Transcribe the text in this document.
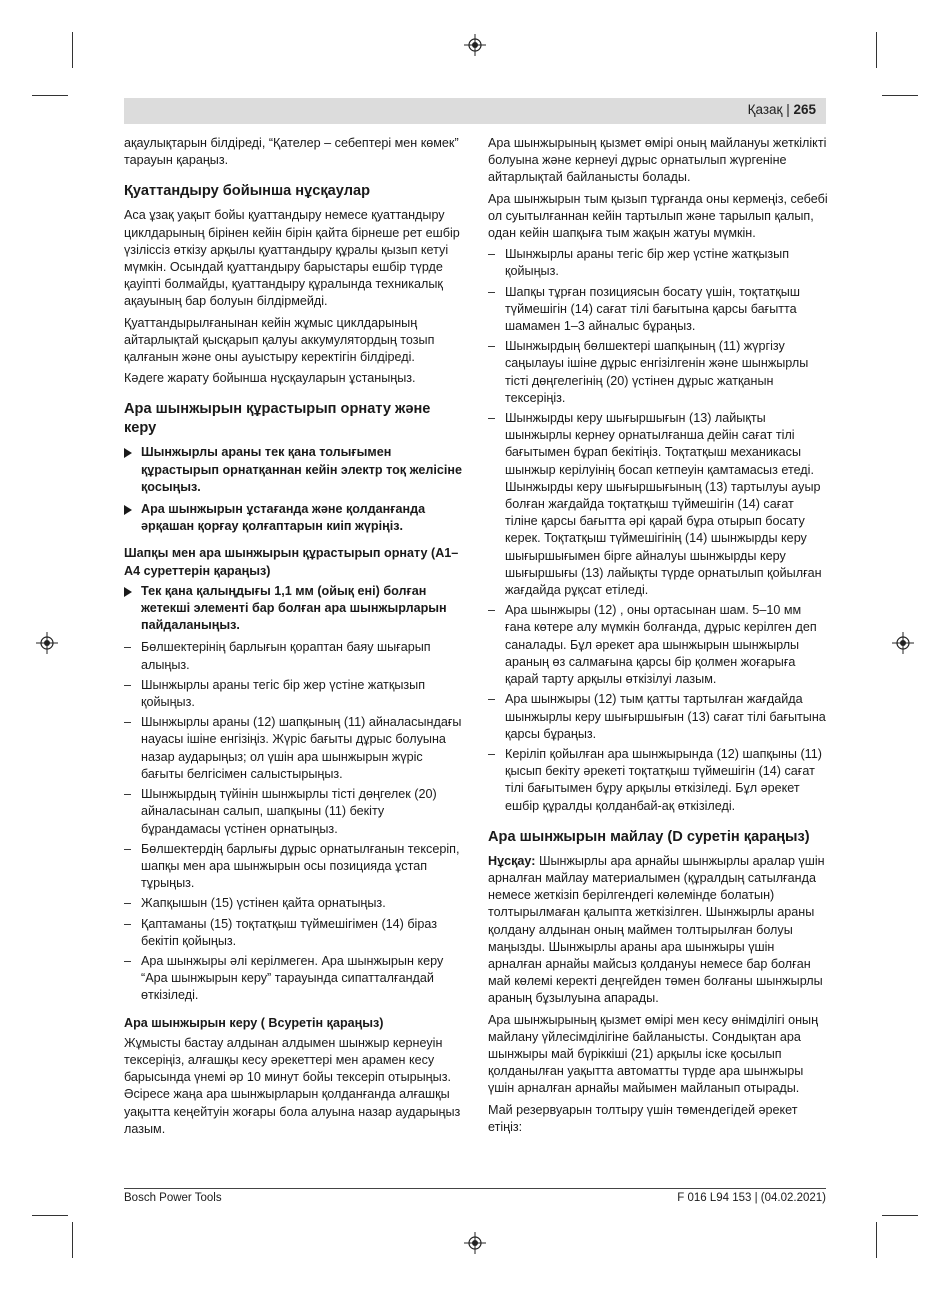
Қазақ | 265

ақаулықтарын білдіреді, “Қателер – себептері мен көмек” тарауын қараңыз.

Қуаттандыру бойынша нұсқаулар

Аса ұзақ уақыт бойы қуаттандыру немесе қуаттандыру циклдарының бірінен кейін бірін қайта бірнеше рет ешбір үзіліссіз өткізу арқылы қуаттандыру құралы қызып кетуі мүмкін. Осындай қуаттандыру барыстары ешбір түрде қауіпті болмайды, қуаттандыру құралында техникалық ақауының бар болуын білдірмейді.

Қуаттандырылғанынан кейін жұмыс циклдарының айтарлықтай қысқарып қалуы аккумулятордың тозып қалғанын және оны ауыстыру керектігін білдіреді.

Кәдеге жарату бойынша нұсқауларын ұстаныңыз.

Ара шынжырын құрастырып орнату және керу
Шынжырлы араны тек қана толығымен құрастырып орнатқаннан кейін электр тоқ желісіне қосыңыз.
Ара шынжырын ұстағанда және қолданғанда әрқашан қорғау қолғаптарын киіп жүріңіз.
Шапқы мен ара шынжырын құрастырып орнату (A1–A4 суреттерін қараңыз)
Тек қана қалыңдығы 1,1 мм (ойық ені) болған жетекші элементі бар болған ара шынжырларын пайдаланыңыз.
– Бөлшектерінің барлығын қорaптан баяу шығарып алыңыз.
– Шынжырлы араны тегіс бір жер үстіне жатқызып қойыңыз.
– Шынжырлы араны (12) шапқының (11) айналасындағы науасы ішіне енгізіңіз. Жүріс бағыты дұрыс болуына назар аударыңыз; ол үшін ара шынжырын жүріс бағыты белгісімен салыстырыңыз.
– Шынжырдың түйінін шынжырлы тісті дөңгелек (20) айналасынан салып, шапқыны (11) бекіту бұрандамасы үстінен орнатыңыз.
– Бөлшектердің барлығы дұрыс орнатылғанын тексеріп, шапқы мен ара шынжырын осы позицияда ұстап тұрыңыз.
– Жапқышын (15) үстінен қайта орнатыңыз.
– Қаптаманы (15) тоқтатқыш түймешігімен (14) біраз бекітіп қойыңыз.
– Ара шынжыры әлі керілмеген. Ара шынжырын керу “Ара шынжырын керу” тарауында сипатталғандай өткізіледі.
Ара шынжырын керу ( Всуретін қараңыз)

Жұмысты бастау алдынан алдымен шынжыр кернеуін тексеріңіз, алғашқы кесу әрекеттері мен арамен кесу барысында үнемі әр 10 минут бойы тексеріп отырыңыз. Әсіресе жаңа ара шынжырларын қолданғанда алғашқы уақытта кеңейтуін жоғары бола алуына назар аударыңыз лазым.

Ара шынжырының қызмет өмірі оның майлануы жеткілікті болуына және кернеуі дұрыс орнатылып жүргеніне айтарлықтай байланысты болады.

Ара шынжырын тым қызып тұрғанда оны кермеңіз, себебі ол суытылғаннан кейін тартылып және тарылып қалып, одан кейін шапқыға тым жақын жатуы мүмкін.

– Шынжырлы араны тегіс бір жер үстіне жатқызып қойыңыз.
– Шапқы тұрған позициясын босату үшін, тоқтатқыш түймешігін (14) сағат тілі бағытына қарсы бағытта шамамен 1–3 айналыс бұраңыз.
– Шынжырдың бөлшектері шапқының (11) жүргізу саңылауы ішіне дұрыс енгізілгенін және шынжырлы тісті дөңгелегінің (20) үстінен дұрыс жатқанын тексеріңіз.
– Шынжырды керу шығыршығын (13) лайықты шынжырлы кернеу орнатылғанша дейін сағат тілі бағытымен бұрап бекітіңіз. Тоқтатқыш механикасы шынжыр керілуінің босап кетпеуін қамтамасыз етеді. Шынжырды керу шығыршығының (13) тартылуы ауыр болған жағдайда тоқтатқыш түймешігін (14) сағат тіліне қарсы бағытта әрі қарай бұра отырып босату керек. Тоқтатқыш түймешігінің (14) шынжырды керу шығыршығымен бірге айналуы шынжырды керу шығыршығы (13) лайықты түрде орнатылып қойылған жағдайда рұқсат етіледі.
– Ара шынжыры (12) , оны ортасынан шам. 5–10 мм ғана көтере алу мүмкін болғанда, дұрыс керілген деп саналады. Бұл әрекет ара шынжырын шынжырлы араның өз салмағына қарсы бір қолмен жоғарыға қарай тарту арқылы өткізілуі лазым.
– Ара шынжыры (12) тым қатты тартылған жағдайда шынжырлы керу шығыршығын (13) сағат тілі бағытына қарсы бұраңыз.
– Керіліп қойылған ара шынжырында (12) шапқыны (11) қысып бекіту әрекеті тоқтатқыш түймешігін (14) сағат тілі бағытымен бұру арқылы өткізіледі. Бұл әрекет ешбір құралды қолданбай-ақ өткізіледі.
Ара шынжырын майлау (D суретін қараңыз)

Нұсқау: Шынжырлы ара арнайы шынжырлы аралар үшін арналған майлау материалымен (құралдың сатылғанда немесе жеткізіп берілгендегі көлемінде болатын) толтырылмаған қалыпта жеткізілген. Шынжырлы араны қолдану алдынан оның маймен толтырылған болуы маңызды. Шынжырлы араны ара шынжыры үшін арналған арнайы майсыз қолдануы немесе бар болған май көлемі керекті деңгейден төмен болғаны шынжырлы араның бұзылуына апарады.

Ара шынжырының қызмет өмірі мен кесу өнімділігі оның майлану үйлесімділігіне байланысты. Сондықтан ара шынжыры май бүріккіші (21) арқылы іске қосылып қолданылған уақытта автоматты түрде ара шынжыры үшін арналған арнайы майымен майланып отырады.

Май резервуарын толтыру үшін төмендегідей әрекет етіңіз:

Bosch Power Tools	F 016 L94 153 | (04.02.2021)
